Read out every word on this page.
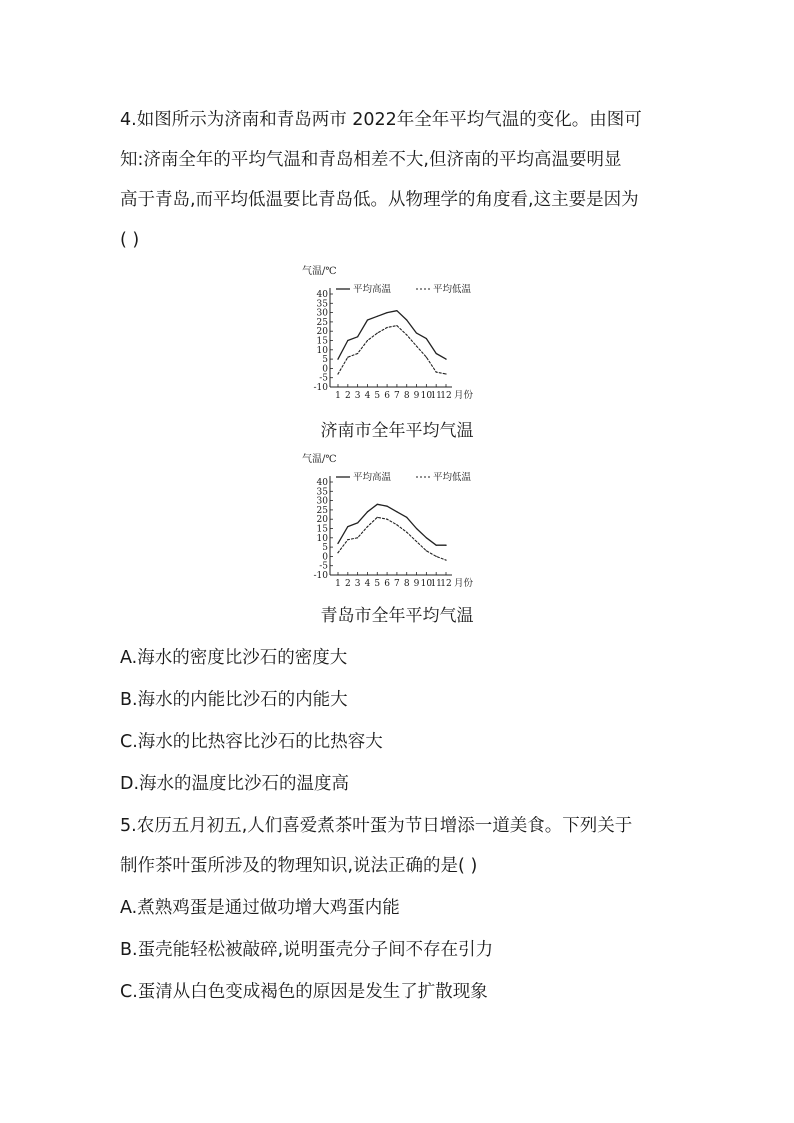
4.如图所示为济南和青岛两市 2022年全年平均气温的变化。由图可
知:济南全年的平均气温和青岛相差不大,但济南的平均高温要明显
高于青岛,而平均低温要比青岛低。从物理学的角度看,这主要是因为
( )
气温/℃
40
35
30
25
20
15
10
5
0
-5
-10
1 2 3 4 5 6 7 8 9 10
11
12 月份
平均高温	平均低温
济南市全年平均气温
气温/℃
40
35
30
25
20
15
10
5
0
-5
-10
1 2 3 4 5 6 7 8 9 10
11
12 月份
平均高温	平均低温
青岛市全年平均气温
A.海水的密度比沙石的密度大
B.海水的内能比沙石的内能大
C.海水的比热容比沙石的比热容大
D.海水的温度比沙石的温度高
5.农历五月初五,人们喜爱煮茶叶蛋为节日增添一道美食。下列关于
制作茶叶蛋所涉及的物理知识,说法正确的是( )
A.煮熟鸡蛋是通过做功增大鸡蛋内能
B.蛋壳能轻松被敲碎,说明蛋壳分子间不存在引力
C.蛋清从白色变成褐色的原因是发生了扩散现象
